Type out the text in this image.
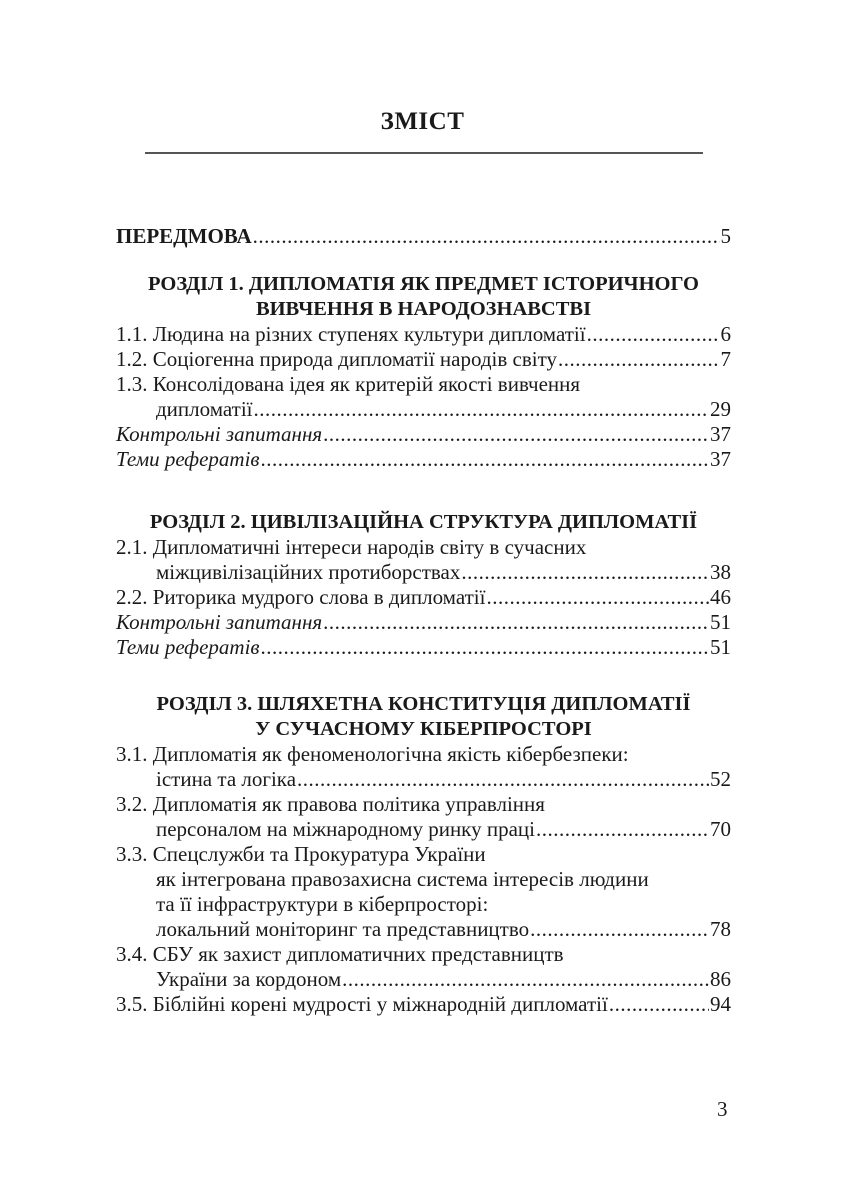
ЗМІСТ
ПЕРЕДМОВА .....	5
РОЗДІЛ 1. ДИПЛОМАТІЯ ЯК ПРЕДМЕТ ІСТОРИЧНОГО
ВИВЧЕННЯ В НАРОДОЗНАВСТВІ
1.1. Людина на різних ступенях культури дипломатії .....	6
1.2. Соціогенна природа дипломатії народів світу .....	7
1.3. Консолідована ідея як критерій якості вивчення
дипломатії .....	29
Контрольні запитання .....	37
Теми рефератів .....	37
РОЗДІЛ 2. ЦИВІЛІЗАЦІЙНА СТРУКТУРА ДИПЛОМАТІЇ
2.1. Дипломатичні інтереси народів світу в сучасних
міжцивілізаційних протиборствах .....	38
2.2. Риторика мудрого слова в дипломатії .....	46
Контрольні запитання .....	51
Теми рефератів .....	51
РОЗДІЛ 3. ШЛЯХЕТНА КОНСТИТУЦІЯ ДИПЛОМАТІЇ
У СУЧАСНОМУ КІБЕРПРОСТОРІ
3.1. Дипломатія як феноменологічна якість кібербезпеки:
істина та логіка .....	52
3.2. Дипломатія як правова політика управління
персоналом на міжнародному ринку праці .....	70
3.3. Спецслужби та Прокуратура України
як інтегрована правозахисна система інтересів людини
та її інфраструктури в кіберпросторі:
локальний моніторинг та представництво .....	78
3.4. СБУ як захист дипломатичних представництв
України за кордоном .....	86
3.5. Біблійні корені мудрості у міжнародній дипломатії .....	94
3
